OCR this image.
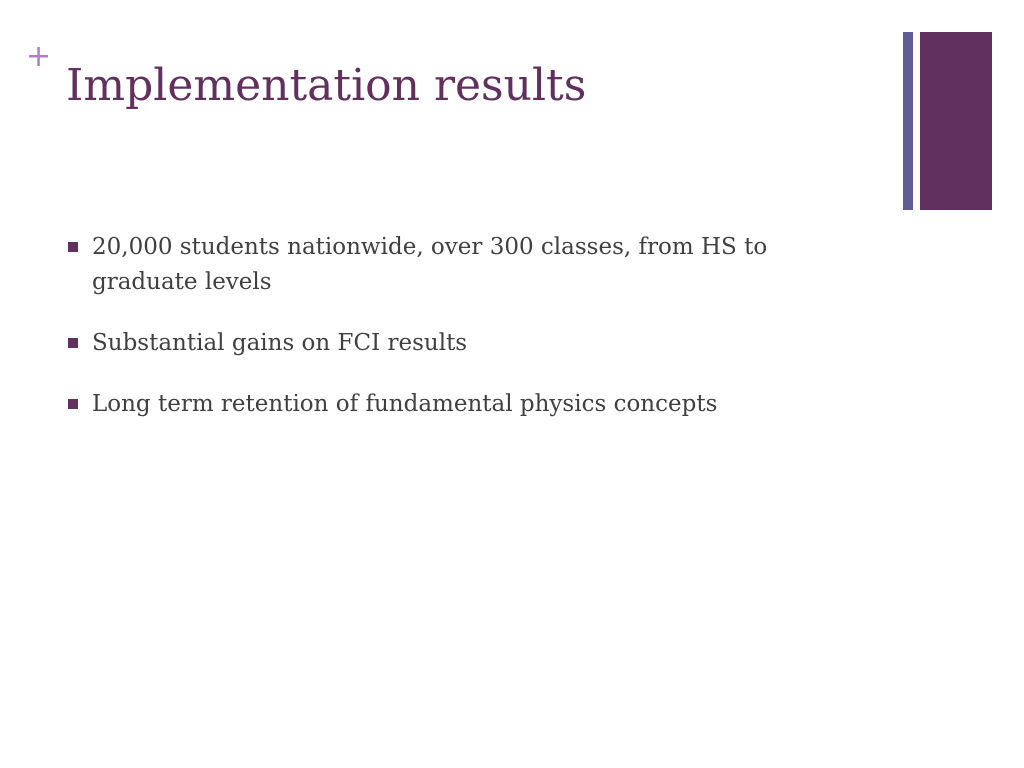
+
Implementation results
20,000 students nationwide, over 300 classes, from HS to graduate levels
Substantial gains on FCI results
Long term retention of fundamental physics concepts
